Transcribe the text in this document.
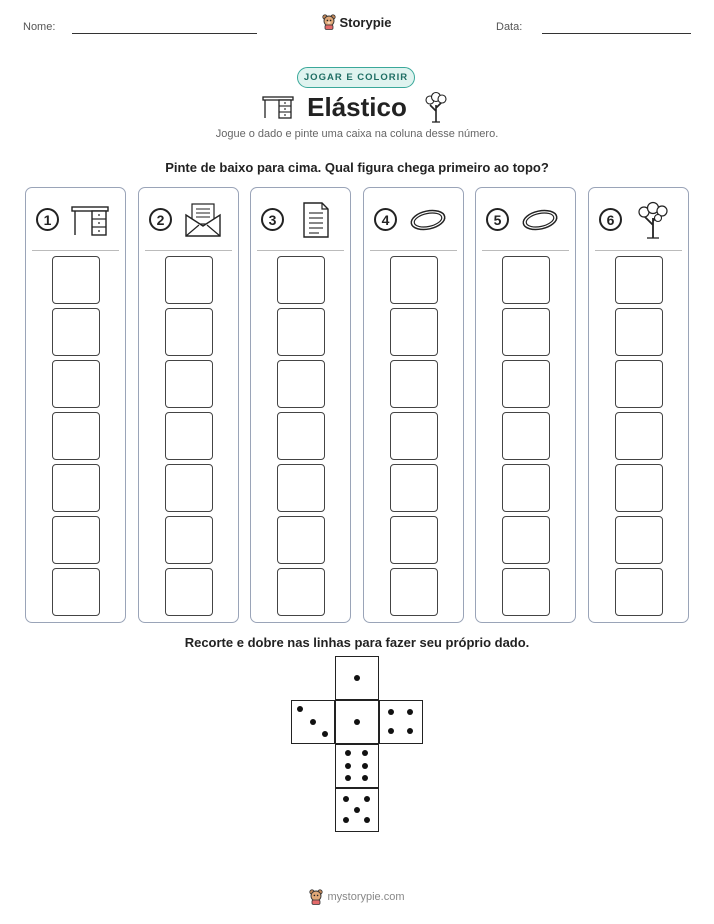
Nome:	Storypie	Data:
JOGAR E COLORIR
Elástico
Jogue o dado e pinte uma caixa na coluna desse número.
Pinte de baixo para cima. Qual figura chega primeiro ao topo?
1	2	3	4	5	6
Recorte e dobre nas linhas para fazer seu próprio dado.
mystorypie.com
